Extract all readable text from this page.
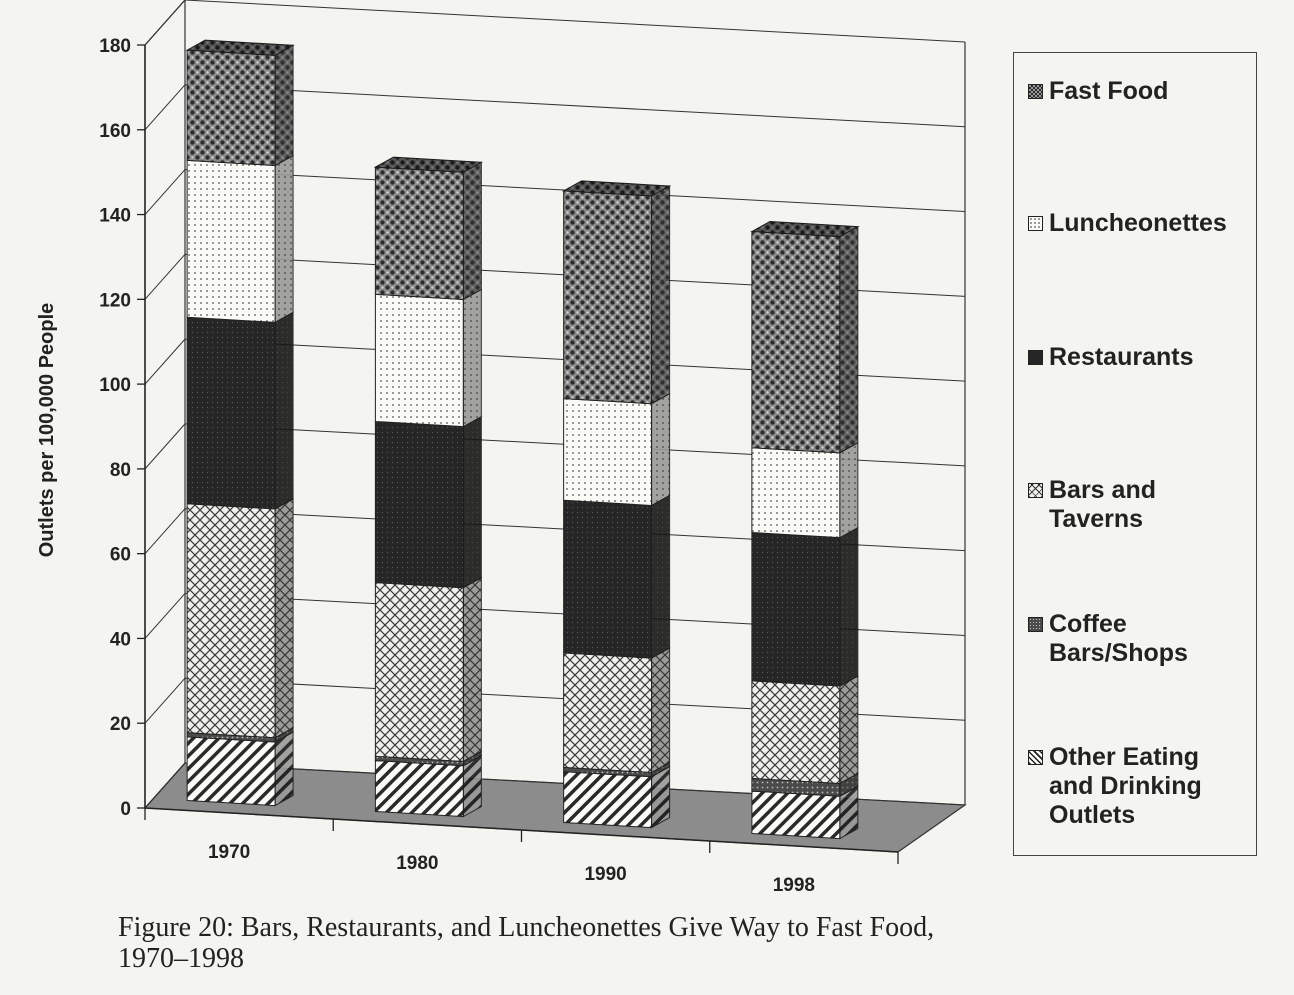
0
20
40
60
80
100
120
140
160
180
1970
1980
1990
1998
Outlets per 100,000 People
Fast Food
Luncheonettes
Restaurants
Bars and
Taverns
Coffee
Bars/Shops
Other Eating
and Drinking
Outlets
Figure 20: Bars, Restaurants, and Luncheonettes Give Way to Fast Food,
1970–1998
